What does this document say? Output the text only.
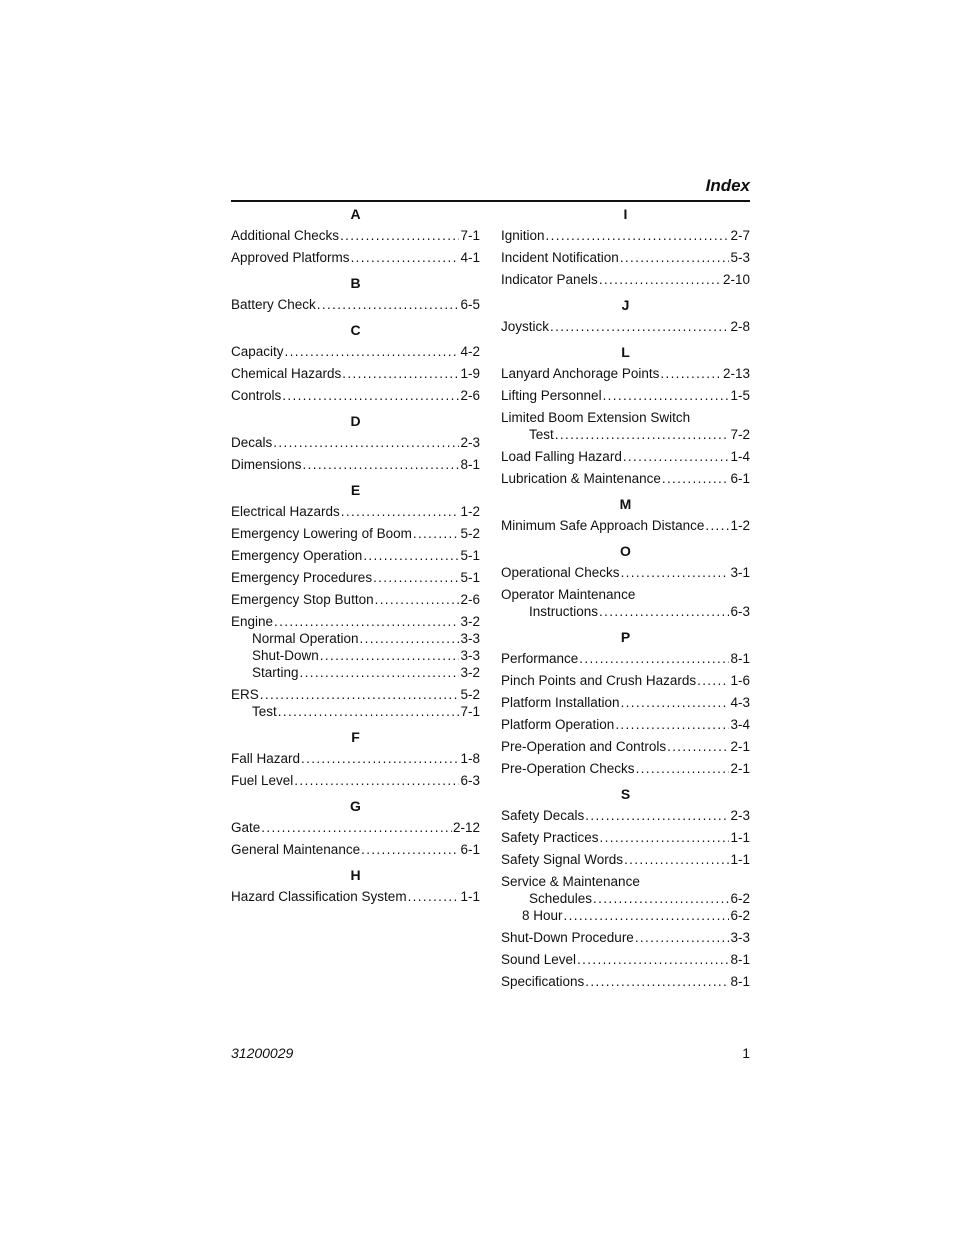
Index
A
Additional Checks . . .	7-1
Approved Platforms . . .	4-1
B
Battery Check . . .	6-5
C
Capacity . . .	4-2
Chemical Hazards . . .	1-9
Controls . . .	2-6
D
Decals . . .	2-3
Dimensions . . .	8-1
E
Electrical Hazards . . .	1-2
Emergency Lowering of Boom . . .	5-2
Emergency Operation . . .	5-1
Emergency Procedures . . .	5-1
Emergency Stop Button . . .	2-6
Engine . . .	3-2
Normal Operation . . .	3-3
Shut-Down . . .	3-3
Starting . . .	3-2
ERS . . .	5-2
Test . . .	7-1
F
Fall Hazard . . .	1-8
Fuel Level . . .	6-3
G
Gate . . .	2-12
General Maintenance . . .	6-1
H
Hazard Classification System . . .	1-1
I
Ignition . . .	2-7
Incident Notification . . .	5-3
Indicator Panels . . .	2-10
J
Joystick . . .	2-8
L
Lanyard Anchorage Points . . .	2-13
Lifting Personnel . . .	1-5
Limited Boom Extension Switch
Test . . .	7-2
Load Falling Hazard . . .	1-4
Lubrication & Maintenance . . .	6-1
M
Minimum Safe Approach Distance . . . 1-2
O
Operational Checks . . .	3-1
Operator Maintenance
Instructions . . .	6-3
P
Performance . . .	8-1
Pinch Points and Crush Hazards . . .	1-6
Platform Installation . . .	4-3
Platform Operation . . .	3-4
Pre-Operation and Controls . . .	2-1
Pre-Operation Checks . . .	2-1
S
Safety Decals . . .	2-3
Safety Practices . . .	1-1
Safety Signal Words . . .	1-1
Service & Maintenance
Schedules . . .	6-2
8 Hour . . .	6-2
Shut-Down Procedure . . .	3-3
Sound Level . . .	8-1
Specifications . . .	8-1
31200029	1
